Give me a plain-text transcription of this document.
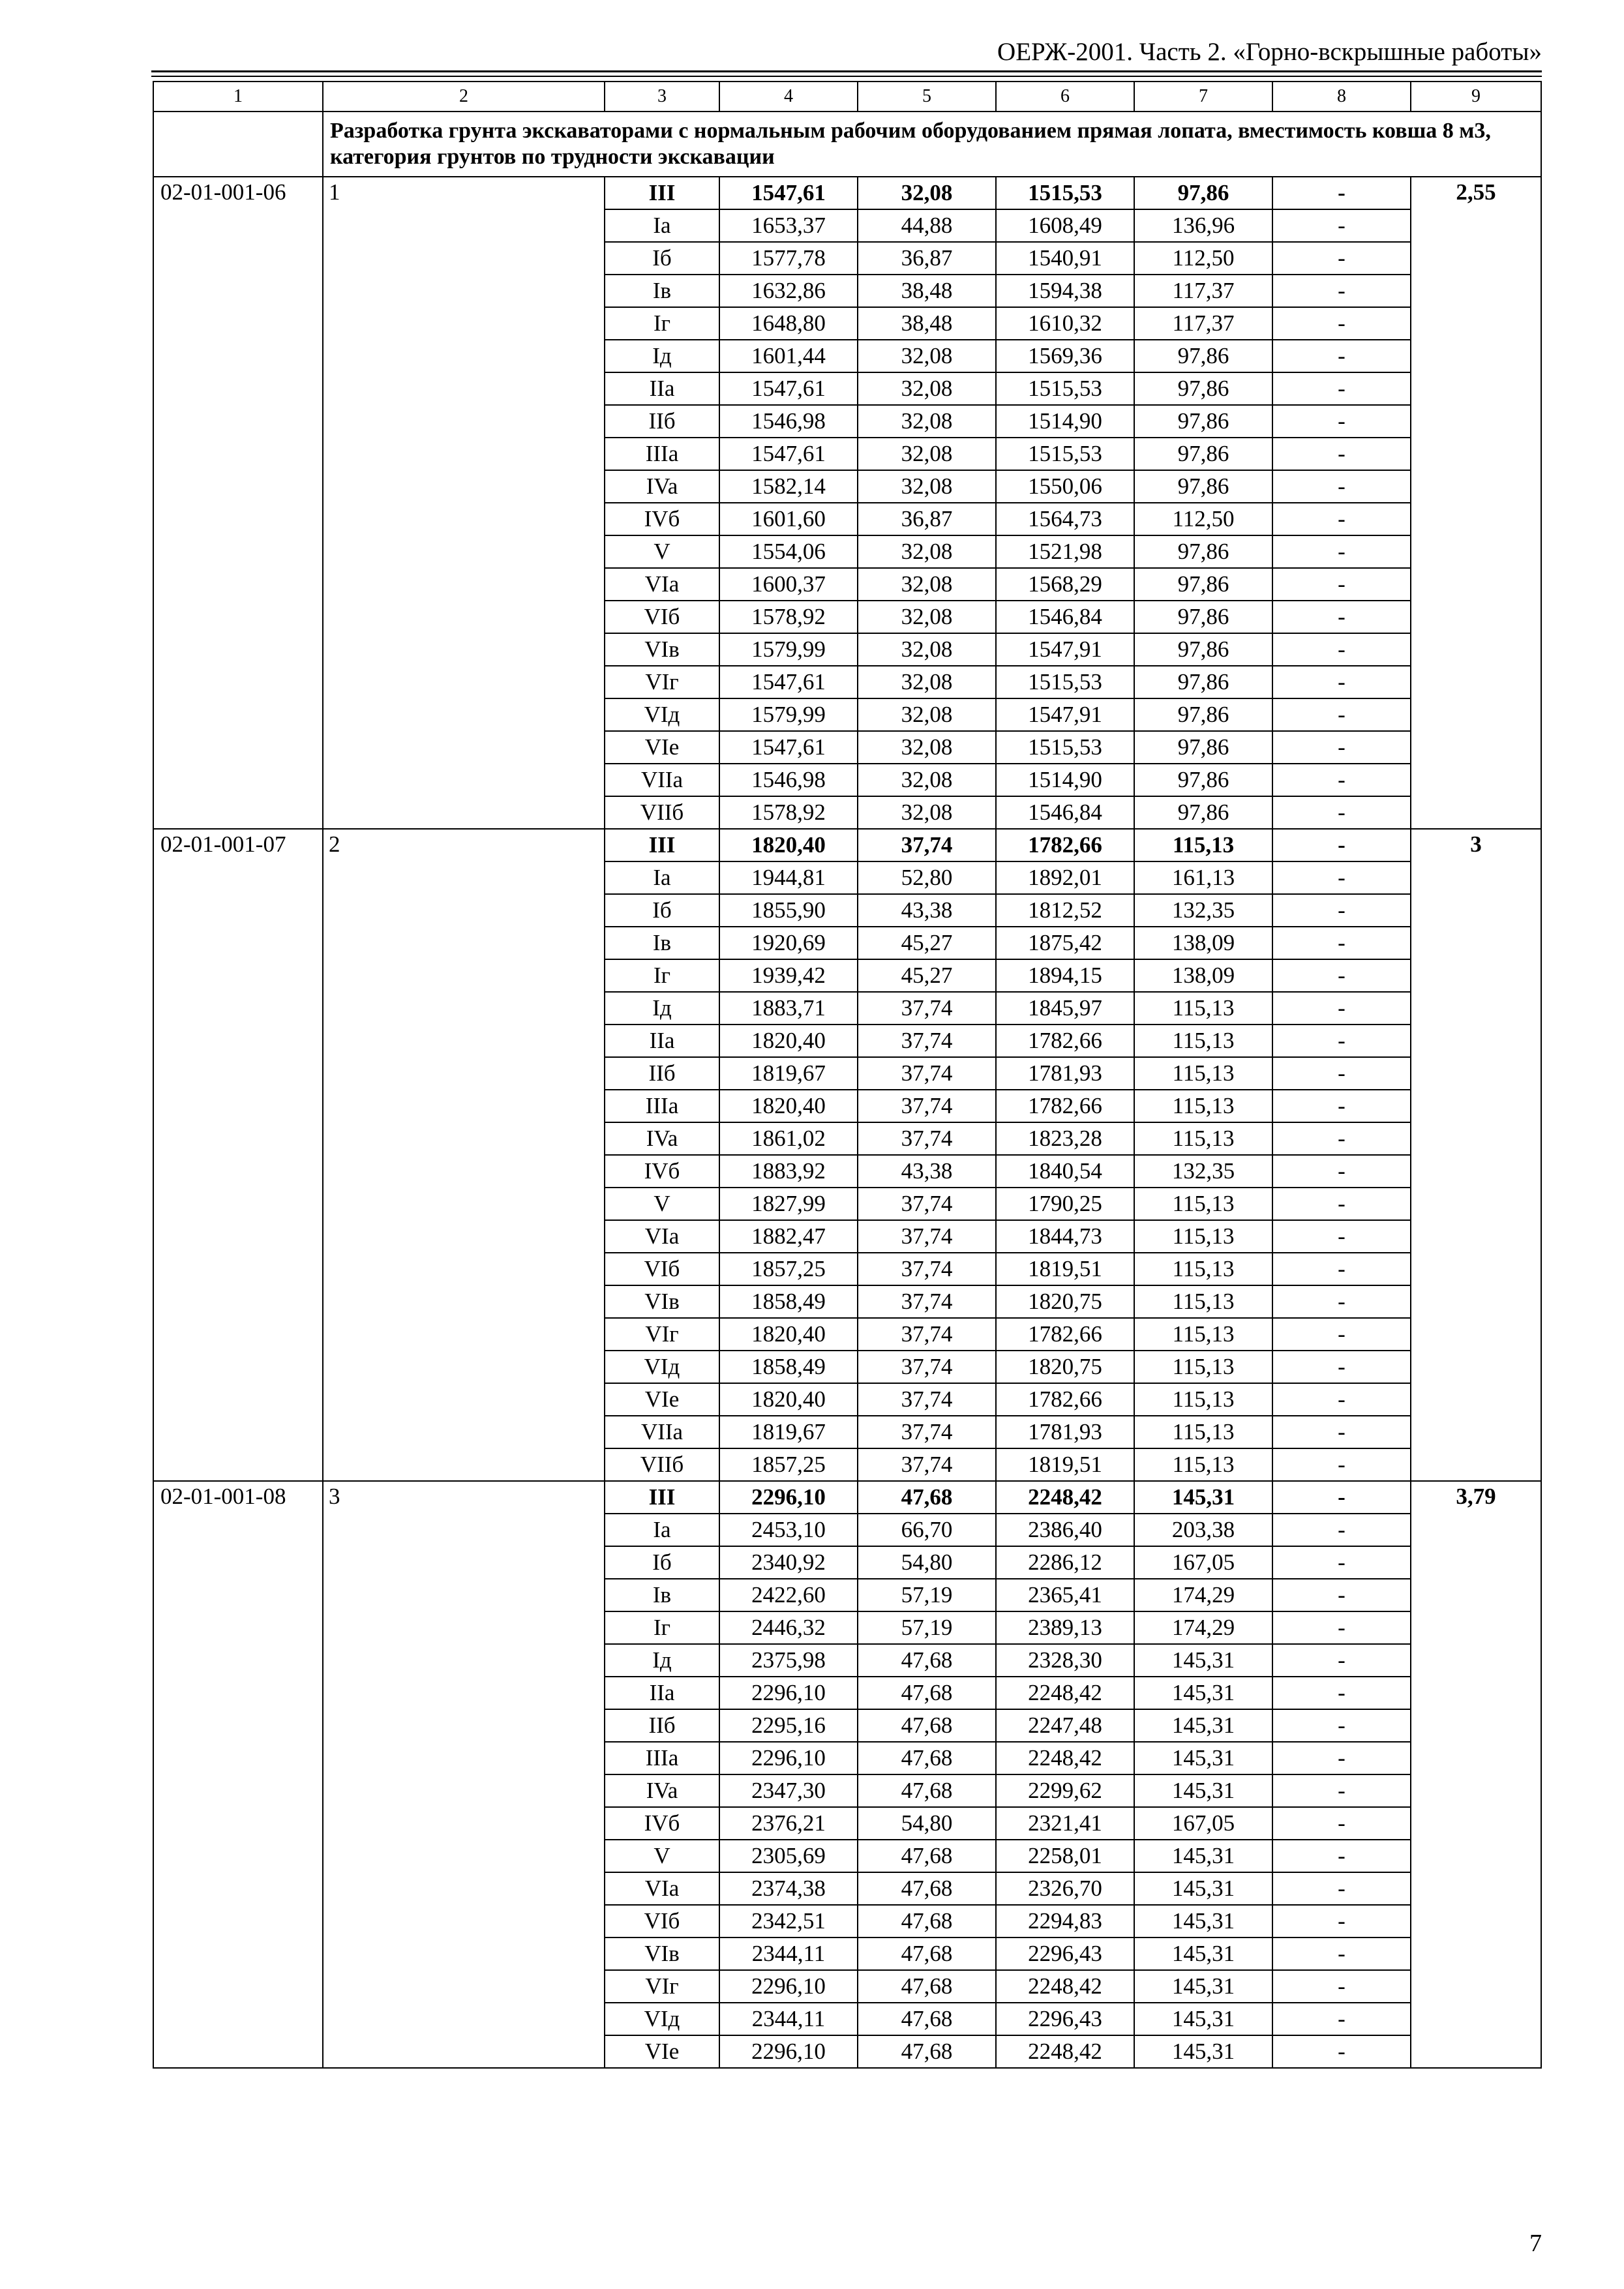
ОЕРЖ-2001. Часть 2. «Горно-вскрышные работы»
1	2	3	4	5	6	7	8	9
	Разработка грунта экскаваторами с нормальным рабочим оборудованием прямая лопата, вместимость ковша 8 м3, категория грунтов по трудности экскавации							
02-01-001-06	1	III	1547,61	32,08	1515,53	97,86	-	2,55
		Ia	1653,37	44,88	1608,49	136,96	-	
		Iб	1577,78	36,87	1540,91	112,50	-	
		Iв	1632,86	38,48	1594,38	117,37	-	
		Iг	1648,80	38,48	1610,32	117,37	-	
		Iд	1601,44	32,08	1569,36	97,86	-	
		IIa	1547,61	32,08	1515,53	97,86	-	
		IIб	1546,98	32,08	1514,90	97,86	-	
		IIIa	1547,61	32,08	1515,53	97,86	-	
		IVa	1582,14	32,08	1550,06	97,86	-	
		IVб	1601,60	36,87	1564,73	112,50	-	
		V	1554,06	32,08	1521,98	97,86	-	
		VIa	1600,37	32,08	1568,29	97,86	-	
		VIб	1578,92	32,08	1546,84	97,86	-	
		VIв	1579,99	32,08	1547,91	97,86	-	
		VIг	1547,61	32,08	1515,53	97,86	-	
		VIд	1579,99	32,08	1547,91	97,86	-	
		VIe	1547,61	32,08	1515,53	97,86	-	
		VIIa	1546,98	32,08	1514,90	97,86	-	
		VIIб	1578,92	32,08	1546,84	97,86	-	
02-01-001-07	2	III	1820,40	37,74	1782,66	115,13	-	3
		Ia	1944,81	52,80	1892,01	161,13	-	
		Iб	1855,90	43,38	1812,52	132,35	-	
		Iв	1920,69	45,27	1875,42	138,09	-	
		Iг	1939,42	45,27	1894,15	138,09	-	
		Iд	1883,71	37,74	1845,97	115,13	-	
		IIa	1820,40	37,74	1782,66	115,13	-	
		IIб	1819,67	37,74	1781,93	115,13	-	
		IIIa	1820,40	37,74	1782,66	115,13	-	
		IVa	1861,02	37,74	1823,28	115,13	-	
		IVб	1883,92	43,38	1840,54	132,35	-	
		V	1827,99	37,74	1790,25	115,13	-	
		VIa	1882,47	37,74	1844,73	115,13	-	
		VIб	1857,25	37,74	1819,51	115,13	-	
		VIв	1858,49	37,74	1820,75	115,13	-	
		VIг	1820,40	37,74	1782,66	115,13	-	
		VIд	1858,49	37,74	1820,75	115,13	-	
		VIe	1820,40	37,74	1782,66	115,13	-	
		VIIa	1819,67	37,74	1781,93	115,13	-	
		VIIб	1857,25	37,74	1819,51	115,13	-	
02-01-001-08	3	III	2296,10	47,68	2248,42	145,31	-	3,79
		Ia	2453,10	66,70	2386,40	203,38	-	
		Iб	2340,92	54,80	2286,12	167,05	-	
		Iв	2422,60	57,19	2365,41	174,29	-	
		Iг	2446,32	57,19	2389,13	174,29	-	
		Iд	2375,98	47,68	2328,30	145,31	-	
		IIa	2296,10	47,68	2248,42	145,31	-	
		IIб	2295,16	47,68	2247,48	145,31	-	
		IIIa	2296,10	47,68	2248,42	145,31	-	
		IVa	2347,30	47,68	2299,62	145,31	-	
		IVб	2376,21	54,80	2321,41	167,05	-	
		V	2305,69	47,68	2258,01	145,31	-	
		VIa	2374,38	47,68	2326,70	145,31	-	
		VIб	2342,51	47,68	2294,83	145,31	-	
		VIв	2344,11	47,68	2296,43	145,31	-	
		VIг	2296,10	47,68	2248,42	145,31	-	
		VIд	2344,11	47,68	2296,43	145,31	-	
		VIe	2296,10	47,68	2248,42	145,31	-	
7
